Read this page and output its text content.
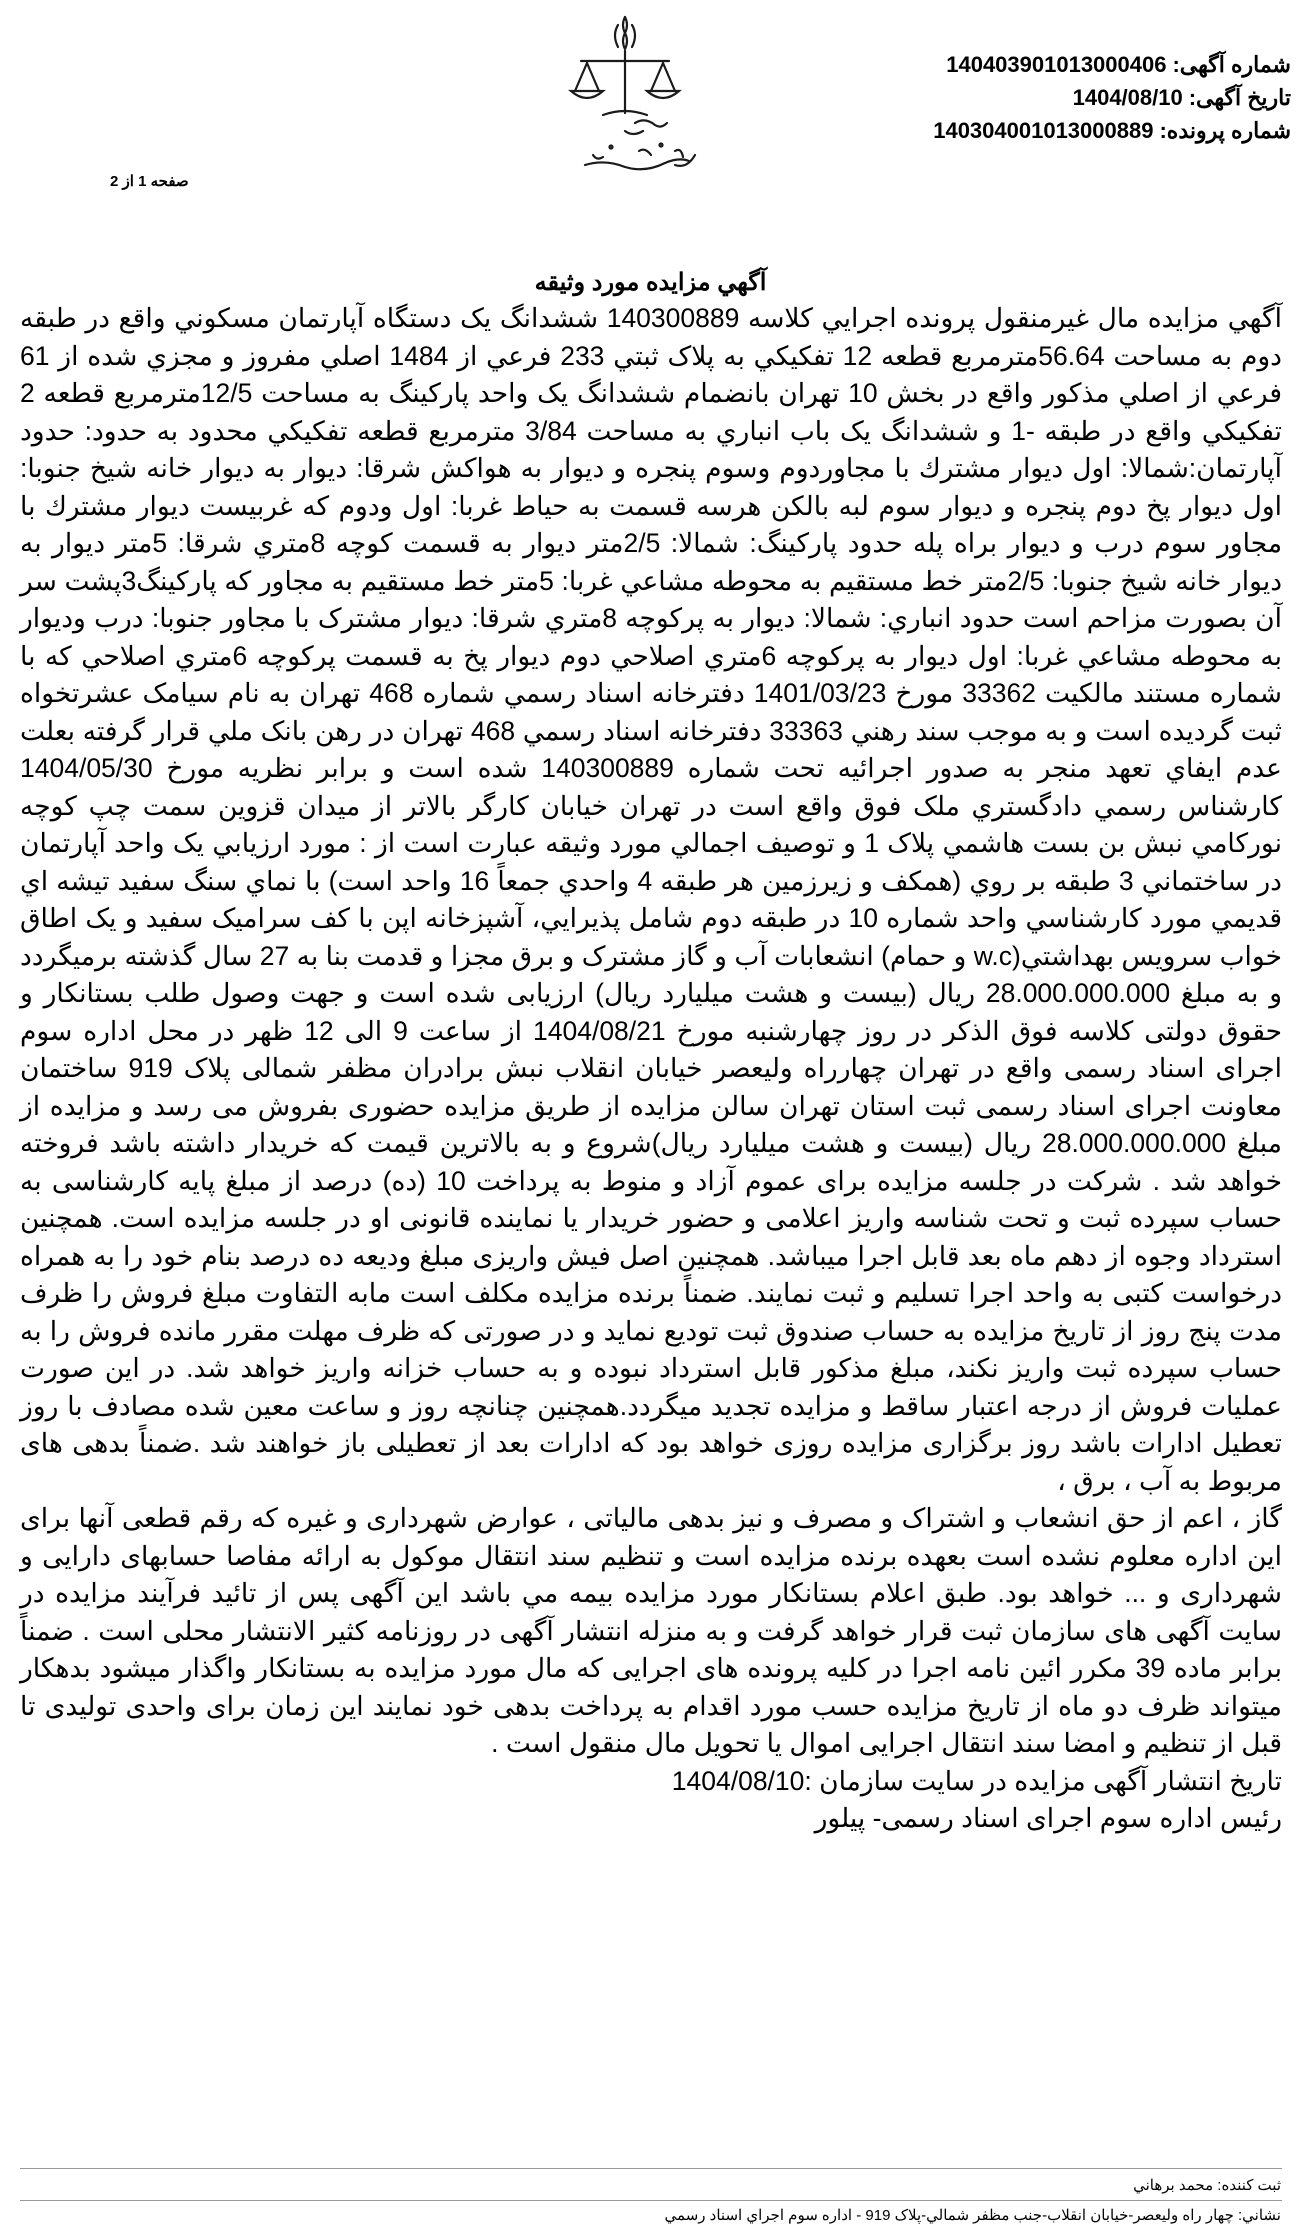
شماره آگهی:140403901013000406
تاریخ آگهی:1404/08/10
شماره پرونده:140304001013000889
صفحه 1 از 2
آگهي مزايده مورد وثيقه

آگهي مزايده مال غيرمنقول پرونده اجرايي كلاسه 140300889 ششدانگ يک دستگاه آپارتمان مسكوني واقع در طبقه دوم به مساحت 56.64مترمربع قطعه 12 تفكيكي به پلاک ثبتي 233 فرعي از 1484 اصلي مفروز و مجزي شده از 61 فرعي از اصلي مذكور واقع در بخش 10 تهران بانضمام ششدانگ يک واحد پاركينگ به مساحت 12/5مترمربع قطعه 2 تفكيكي واقع در طبقه -1 و ششدانگ يک باب انباري به مساحت 3/84 مترمربع قطعه تفكيكي محدود به حدود: حدود آپارتمان:شمالا: اول ديوار مشترك با مجاوردوم وسوم پنجره و ديوار به هواكش شرقا: ديوار به ديوار خانه شيخ جنوبا: اول ديوار پخ دوم پنجره و ديوار سوم لبه بالكن هرسه قسمت به حياط غربا: اول ودوم كه غربيست ديوار مشترك با مجاور سوم درب و ديوار براه پله حدود پاركينگ: شمالا: 2/5متر ديوار به قسمت كوچه 8متري شرقا: 5متر ديوار به ديوار خانه شيخ جنوبا: 2/5متر خط مستقيم به محوطه مشاعي غربا: 5متر خط مستقيم به مجاور كه پاركينگ3پشت سر آن بصورت مزاحم است حدود انباري: شمالا: ديوار به پركوچه 8متري شرقا: ديوار مشترک با مجاور جنوبا: درب وديوار به محوطه مشاعي غربا: اول ديوار به پركوچه 6متري اصلاحي دوم ديوار پخ به قسمت پركوچه 6متري اصلاحي كه با شماره مستند مالكيت 33362 مورخ 1401/03/23 دفترخانه اسناد رسمي شماره 468 تهران به نام سيامک عشرتخواه ثبت گرديده است و به موجب سند رهني 33363 دفترخانه اسناد رسمي 468 تهران در رهن بانک ملي قرار گرفته بعلت عدم ايفاي تعهد منجر به صدور اجرائيه تحت شماره 140300889 شده است و برابر نظريه مورخ 1404/05/30 كارشناس رسمي دادگستري ملک فوق واقع است در تهران خيابان كارگر بالاتر از ميدان قزوين سمت چپ كوچه نوركامي نبش بن بست هاشمي پلاک 1 و توصيف اجمالي مورد وثيقه عبارت است از : مورد ارزيابي يک واحد آپارتمان در ساختماني 3 طبقه بر روي (همكف و زيرزمين هر طبقه 4 واحدي جمعاً 16 واحد است) با نماي سنگ سفيد تيشه اي قديمي مورد كارشناسي واحد شماره 10 در طبقه دوم شامل پذيرايي، آشپزخانه اپن با كف سراميک سفيد و يک اطاق خواب سرويس بهداشتي(w.c و حمام) انشعابات آب و گاز مشترک و برق مجزا و قدمت بنا به 27 سال گذشته برميگردد و به مبلغ 28.000.000.000 ريال (بيست و هشت ميليارد ريال) ارزيابی شده است و جهت وصول طلب بستانكار و حقوق دولتی كلاسه فوق الذكر در روز چهارشنبه مورخ 1404/08/21 از ساعت 9 الی 12 ظهر در محل اداره سوم اجرای اسناد رسمی واقع در تهران چهارراه وليعصر خيابان انقلاب نبش برادران مظفر شمالی پلاک 919 ساختمان معاونت اجرای اسناد رسمی ثبت استان تهران سالن مزايده از طريق مزايده حضوری بفروش می رسد و مزايده از مبلغ 28.000.000.000 ريال (بيست و هشت ميليارد ريال)شروع و به بالاترين قيمت كه خريدار داشته باشد فروخته خواهد شد . شركت در جلسه مزايده برای عموم آزاد و منوط به پرداخت 10 (ده) درصد از مبلغ پايه كارشناسی به حساب سپرده ثبت و تحت شناسه واريز اعلامی و حضور خريدار يا نماينده قانونی او در جلسه مزايده است. همچنين استرداد وجوه از دهم ماه بعد قابل اجرا ميباشد. همچنين اصل فيش واريزی مبلغ وديعه ده درصد بنام خود را به همراه درخواست كتبی به واحد اجرا تسليم و ثبت نمايند. ضمناً برنده مزايده مكلف است مابه التفاوت مبلغ فروش را ظرف مدت پنج روز از تاريخ مزايده به حساب صندوق ثبت توديع نمايد و در صورتی كه ظرف مهلت مقرر مانده فروش را به حساب سپرده ثبت واريز نكند، مبلغ مذكور قابل استرداد نبوده و به حساب خزانه واريز خواهد شد. در اين صورت عمليات فروش از درجه اعتبار ساقط و مزايده تجديد ميگردد.همچنين چنانچه روز و ساعت معين شده مصادف با روز تعطيل ادارات باشد روز برگزاری مزايده روزی خواهد بود كه ادارات بعد از تعطيلی باز خواهند شد .ضمناً بدهی های مربوط به آب ، برق ،

گاز ، اعم از حق انشعاب و اشتراک و مصرف و نيز بدهی مالياتی ، عوارض شهرداری و غيره كه رقم قطعی آنها برای اين اداره معلوم نشده است بعهده برنده مزايده است و تنظيم سند انتقال موكول به ارائه مفاصا حسابهای دارايی و شهرداری و ... خواهد بود. طبق اعلام بستانكار مورد مزايده بيمه مي باشد اين آگهی پس از تائيد فرآيند مزايده در سايت آگهی های سازمان ثبت قرار خواهد گرفت و به منزله انتشار آگهی در روزنامه كثير الانتشار محلی است . ضمناً برابر ماده 39 مكرر ائين نامه اجرا در كليه پرونده های اجرايی كه مال مورد مزايده به بستانكار واگذار ميشود بدهكار ميتواند ظرف دو ماه از تاريخ مزايده حسب مورد اقدام به پرداخت بدهی خود نمايند اين زمان برای واحدی توليدی تا قبل از تنظيم و امضا سند انتقال اجرايی اموال يا تحويل مال منقول است .

تاريخ انتشار آگهی مزايده در سايت سازمان :1404/08/10

رئيس اداره سوم اجرای اسناد رسمی- پيلور

ثبت كننده: محمد برهاني
نشاني: چهار راه وليعصر-خيابان انقلاب-جنب مظفر شمالي-پلاک 919 - اداره سوم اجراي اسناد رسمي
